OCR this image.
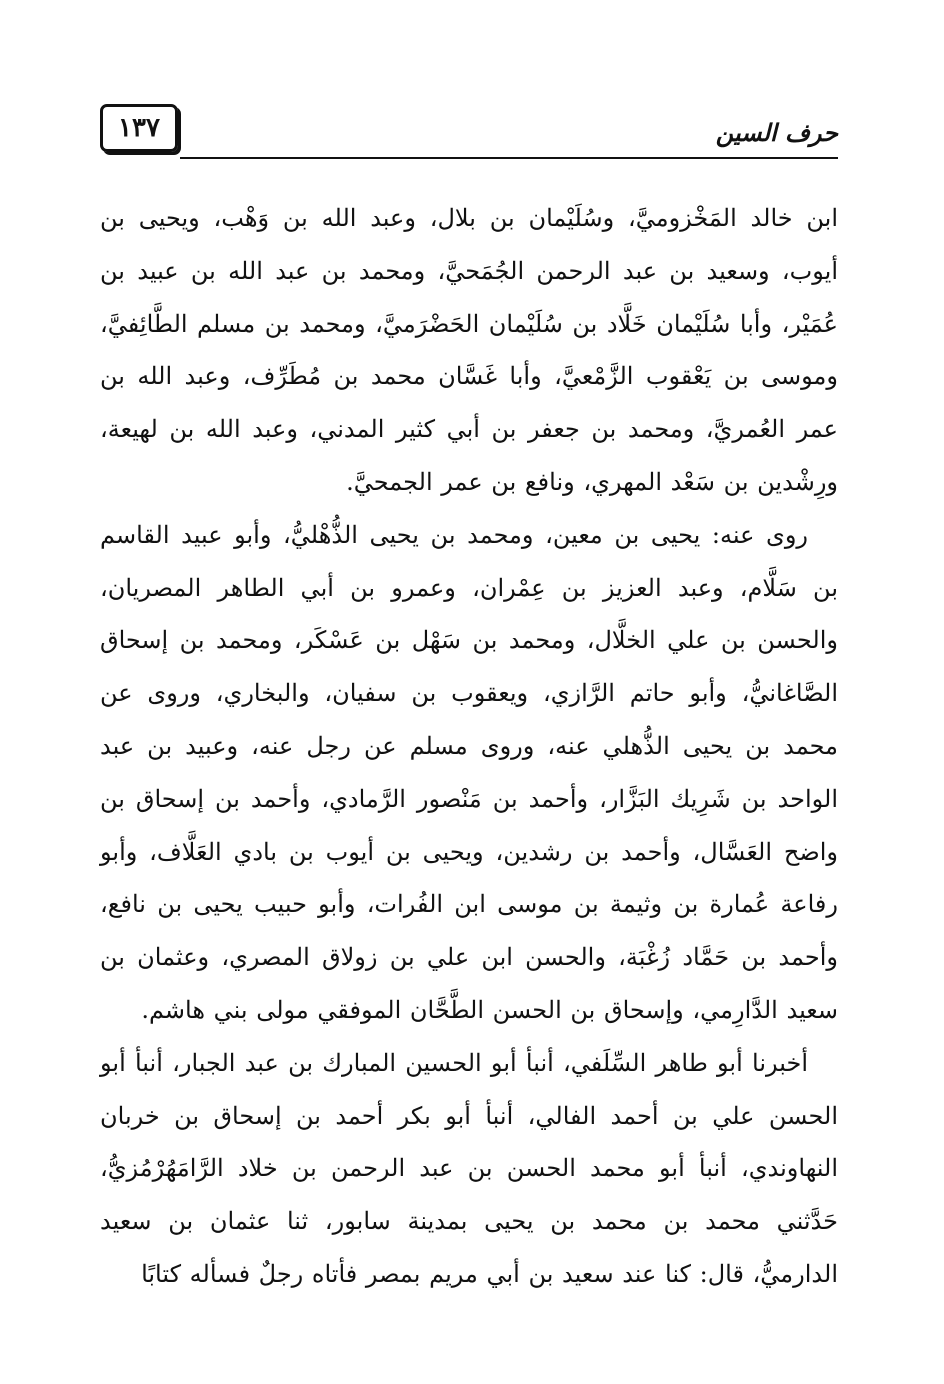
١٣٧	حرف السين

ابن خالد المَخْزوميَّ، وسُلَيْمان بن بلال، وعبد الله بن وَهْب، ويحيى بن أيوب، وسعيد بن عبد الرحمن الجُمَحيَّ، ومحمد بن عبد الله بن عبيد بن عُمَيْر، وأبا سُلَيْمان خَلَّاد بن سُلَيْمان الحَضْرَميَّ، ومحمد بن مسلم الطَّائِفيَّ، وموسى بن يَعْقوب الزَّمْعيَّ، وأبا غَسَّان محمد بن مُطَرِّف، وعبد الله بن عمر العُمريَّ، ومحمد بن جعفر بن أبي كثير المدني، وعبد الله بن لهيعة، ورِشْدين بن سَعْد المهري، ونافع بن عمر الجمحيَّ.

روى عنه: يحيى بن معين، ومحمد بن يحيى الذُّهْليُّ، وأبو عبيد القاسم بن سَلَّام، وعبد العزيز بن عِمْران، وعمرو بن أبي الطاهر المصريان، والحسن بن علي الخلَّال، ومحمد بن سَهْل بن عَسْكَر، ومحمد بن إسحاق الصَّاغانيُّ، وأبو حاتم الرَّازي، ويعقوب بن سفيان، والبخاري، وروى عن محمد بن يحيى الذُّهلي عنه، وروى مسلم عن رجل عنه، وعبيد بن عبد الواحد بن شَرِيك البَزَّار، وأحمد بن مَنْصور الرَّمادي، وأحمد بن إسحاق بن واضح العَسَّال، وأحمد بن رشدين، ويحيى بن أيوب بن بادي العَلَّاف، وأبو رفاعة عُمارة بن وثيمة بن موسى ابن الفُرات، وأبو حبيب يحيى بن نافع، وأحمد بن حَمَّاد زُغْبَة، والحسن ابن علي بن زولاق المصري، وعثمان بن سعيد الدَّارِمي، وإسحاق بن الحسن الطَّحَّان الموفقي مولى بني هاشم.

أخبرنا أبو طاهر السِّلَفي، أنبأ أبو الحسين المبارك بن عبد الجبار، أنبأ أبو الحسن علي بن أحمد الفالي، أنبأ أبو بكر أحمد بن إسحاق بن خربان النهاوندي، أنبأ أبو محمد الحسن بن عبد الرحمن بن خلاد الرَّامَهُرْمُزيُّ، حَدَّثني محمد بن محمد بن يحيى بمدينة سابور، ثنا عثمان بن سعيد الدارميُّ، قال: كنا عند سعيد بن أبي مريم بمصر فأتاه رجلٌ فسأله كتابًا
